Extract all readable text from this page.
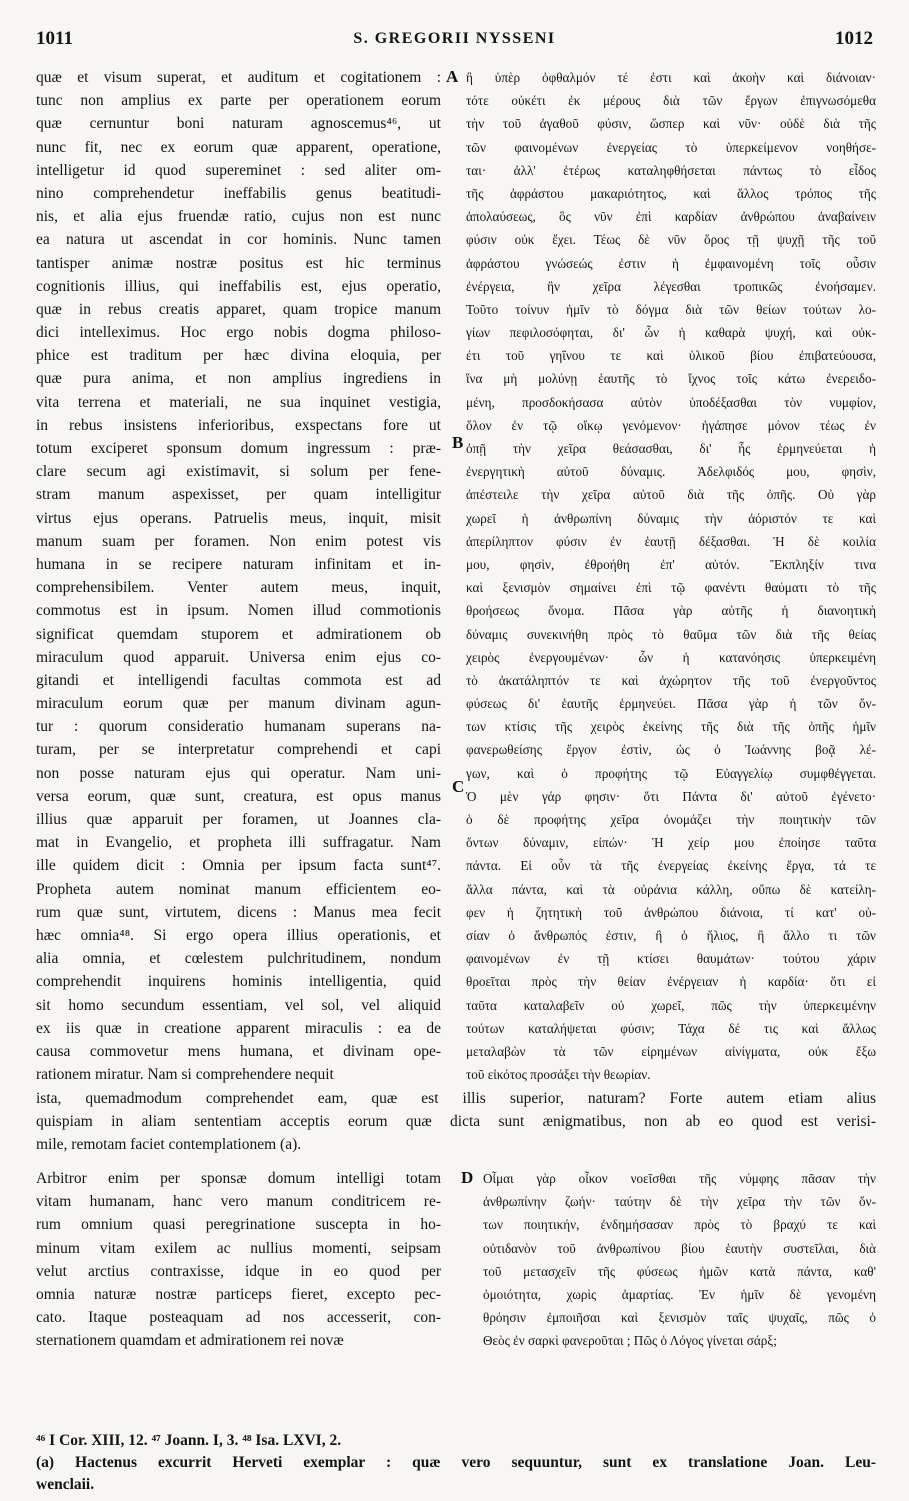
1011	S. GREGORII NYSSENI	1012
quæ et visum superat, et auditum et cogitationem :
tunc non amplius ex parte per operationem eorum
quæ cernuntur boni naturam agnoscemus⁴⁶, ut
nunc fit, nec ex eorum quæ apparent, operatione,
intelligetur id quod supereminet : sed aliter om-
nino comprehendetur ineffabilis genus beatitudi-
nis, et alia ejus fruendæ ratio, cujus non est nunc
ea natura ut ascendat in cor hominis. Nunc tamen
tantisper animæ nostræ positus est hic terminus
cognitionis illius, qui ineffabilis est, ejus operatio,
quæ in rebus creatis apparet, quam tropice manum
dici intelleximus. Hoc ergo nobis dogma philoso-
phice est traditum per hæc divina eloquia, per
quæ pura anima, et non amplius ingrediens in
vita terrena et materiali, ne sua inquinet vestigia,
in rebus insistens inferioribus, exspectans fore ut
totum exciperet sponsum domum ingressum : præ-
clare secum agi existimavit, si solum per fene-
stram manum aspexisset, per quam intelligitur
virtus ejus operans. Patruelis meus, inquit, misit
manum suam per foramen. Non enim potest vis
humana in se recipere naturam infinitam et in-
comprehensibilem. Venter autem meus, inquit,
commotus est in ipsum. Nomen illud commotionis
significat quemdam stuporem et admirationem ob
miraculum quod apparuit. Universa enim ejus co-
gitandi et intelligendi facultas commota est ad
miraculum eorum quæ per manum divinam agun-
tur : quorum consideratio humanam superans na-
turam, per se interpretatur comprehendi et capi
non posse naturam ejus qui operatur. Nam uni-
versa eorum, quæ sunt, creatura, est opus manus
illius quæ apparuit per foramen, ut Joannes cla-
mat in Evangelio, et propheta illi suffragatur. Nam
ille quidem dicit : Omnia per ipsum facta sunt⁴⁷.
Propheta autem nominat manum efficientem eo-
rum quæ sunt, virtutem, dicens : Manus mea fecit
hæc omnia⁴⁸. Si ergo opera illius operationis, et
alia omnia, et cœlestem pulchritudinem, nondum
comprehendit inquirens hominis intelligentia, quid
sit homo secundum essentiam, vel sol, vel aliquid
ex iis quæ in creatione apparent miraculis : ea de
causa commovetur mens humana, et divinam ope-
rationem miratur. Nam si comprehendere nequit
ἢ ὑπὲρ ὀφθαλμόν τέ ἐστι καὶ ἀκοὴν καὶ διάνοιαν·
τότε οὐκέτι ἐκ μέρους διὰ τῶν ἔργων ἐπιγνωσόμεθα
τὴν τοῦ ἀγαθοῦ φύσιν, ὥσπερ καὶ νῦν· οὐδὲ διὰ τῆς
τῶν φαινομένων ἐνεργείας τὸ ὑπερκείμενον νοηθήσε-
ται· ἀλλ' ἑτέρως καταληφθήσεται πάντως τὸ εἶδος
τῆς ἀφράστου μακαριότητος, καὶ ἄλλος τρόπος τῆς
ἀπολαύσεως, ὃς νῦν ἐπὶ καρδίαν ἀνθρώπου ἀναβαίνειν
φύσιν οὐκ ἔχει. Τέως δὲ νῦν ὅρος τῇ ψυχῇ τῆς τοῦ
ἀφράστου γνώσεώς ἐστιν ἡ ἐμφαινομένη τοῖς οὖσιν
ἐνέργεια, ἣν χεῖρα λέγεσθαι τροπικῶς ἐνοήσαμεν.
Τοῦτο τοίνυν ἡμῖν τὸ δόγμα διὰ τῶν θείων τούτων λο-
γίων πεφιλοσόφηται, δι' ὧν ἡ καθαρὰ ψυχή, καὶ οὐκ-
έτι τοῦ γηΐνου τε καὶ ὑλικοῦ βίου ἐπιβατεύουσα,
ἵνα μὴ μολύνῃ ἑαυτῆς τὸ ἴχνος τοῖς κάτω ἐνερειδο-
μένη, προσδοκήσασα αὐτὸν ὑποδέξασθαι τὸν νυμφίον,
ὅλον ἐν τῷ οἴκῳ γενόμενον· ἠγάπησε μόνον τέως ἐν
ὀπῇ τὴν χεῖρα θεάσασθαι, δι' ἧς ἑρμηνεύεται ἡ
ἐνεργητικὴ αὐτοῦ δύναμις. Ἀδελφιδός μου, φησὶν,
ἀπέστειλε τὴν χεῖρα αὐτοῦ διὰ τῆς ὀπῆς. Οὐ γὰρ
χωρεῖ ἡ ἀνθρωπίνη δύναμις τὴν ἀόριστόν τε καὶ
ἀπερίληπτον φύσιν ἐν ἑαυτῇ δέξασθαι. Ἡ δὲ κοιλία
μου, φησὶν, ἐθροήθη ἐπ' αὐτόν. Ἔκπληξίν τινα
καὶ ξενισμὸν σημαίνει ἐπὶ τῷ φανέντι θαύματι τὸ τῆς
θροήσεως ὄνομα. Πᾶσα γὰρ αὐτῆς ἡ διανοητικὴ
δύναμις συνεκινήθη πρὸς τὸ θαῦμα τῶν διὰ τῆς θείας
χειρὸς ἐνεργουμένων· ὧν ἡ κατανόησις ὑπερκειμένη
τὸ ἀκατάληπτόν τε καὶ ἀχώρητον τῆς τοῦ ἐνεργοῦντος
φύσεως δι' ἑαυτῆς ἑρμηνεύει. Πᾶσα γὰρ ἡ τῶν ὄν-
των κτίσις τῆς χειρὸς ἐκείνης τῆς διὰ τῆς ὀπῆς ἡμῖν
φανερωθείσης ἔργον ἐστὶν, ὡς ὁ Ἰωάννης βοᾷ λέ-
γων, καὶ ὁ προφήτης τῷ Εὐαγγελίῳ συμφθέγγεται.
Ὁ μὲν γάρ φησιν· ὅτι Πάντα δι' αὐτοῦ ἐγένετο·
ὁ δὲ προφήτης χεῖρα ὀνομάζει τὴν ποιητικὴν τῶν
ὄντων δύναμιν, εἰπών· Ἡ χείρ μου ἐποίησε ταῦτα
πάντα. Εἰ οὖν τὰ τῆς ἐνεργείας ἐκείνης ἔργα, τά τε
ἄλλα πάντα, καὶ τὰ οὐράνια κάλλη, οὔπω δὲ κατείλη-
φεν ἡ ζητητικὴ τοῦ ἀνθρώπου διάνοια, τί κατ' οὐ-
σίαν ὁ ἄνθρωπός ἐστιν, ἢ ὁ ἥλιος, ἢ ἄλλο τι τῶν
φαινομένων ἐν τῇ κτίσει θαυμάτων· τούτου χάριν
θροεῖται πρὸς τὴν θείαν ἐνέργειαν ἡ καρδία· ὅτι εἰ
ταῦτα καταλαβεῖν οὐ χωρεῖ, πῶς τὴν ὑπερκειμένην
τούτων καταλήψεται φύσιν; Τάχα δέ τις καὶ ἄλλως
μεταλαβὼν τὰ τῶν εἰρημένων αἰνίγματα, οὐκ ἔξω
τοῦ εἰκότος προσάξει τὴν θεωρίαν.
A
B
C
D
ista, quemadmodum comprehendet eam, quæ est illis superior, naturam? Forte autem etiam alius
quispiam in aliam sententiam acceptis eorum quæ dicta sunt ænigmatibus, non ab eo quod est verisi-
mile, remotam faciet contemplationem (a).
Arbitror enim per sponsæ domum intelligi totam
vitam humanam, hanc vero manum conditricem re-
rum omnium quasi peregrinatione suscepta in ho-
minum vitam exilem ac nullius momenti, seipsam
velut arctius contraxisse, idque in eo quod per
omnia naturæ nostræ particeps fieret, excepto pec-
cato. Itaque posteaquam ad nos accesserit, con-
sternationem quamdam et admirationem rei novæ
Οἶμαι γὰρ οἶκον νοεῖσθαι τῆς νύμφης πᾶσαν τὴν
ἀνθρωπίνην ζωήν· ταύτην δὲ τὴν χεῖρα τὴν τῶν ὄν-
των ποιητικήν, ἐνδημήσασαν πρὸς τὸ βραχύ τε καὶ
οὐτιδανὸν τοῦ ἀνθρωπίνου βίου ἑαυτὴν συστεῖλαι, διὰ
τοῦ μετασχεῖν τῆς φύσεως ἡμῶν κατὰ πάντα, καθ'
ὁμοιότητα, χωρὶς ἁμαρτίας. Ἐν ἡμῖν δὲ γενομένη
θρόησιν ἐμποιῆσαι καὶ ξενισμὸν ταῖς ψυχαῖς, πῶς ὁ
Θεὸς ἐν σαρκὶ φανεροῦται ; Πῶς ὁ Λόγος γίνεται σάρξ;
⁴⁶ I Cor. XIII, 12. ⁴⁷ Joann. I, 3. ⁴⁸ Isa. LXVI, 2.
(a) Hactenus excurrit Herveti exemplar : quæ vero sequuntur, sunt ex translatione Joan. Leu-
wenclaii.
